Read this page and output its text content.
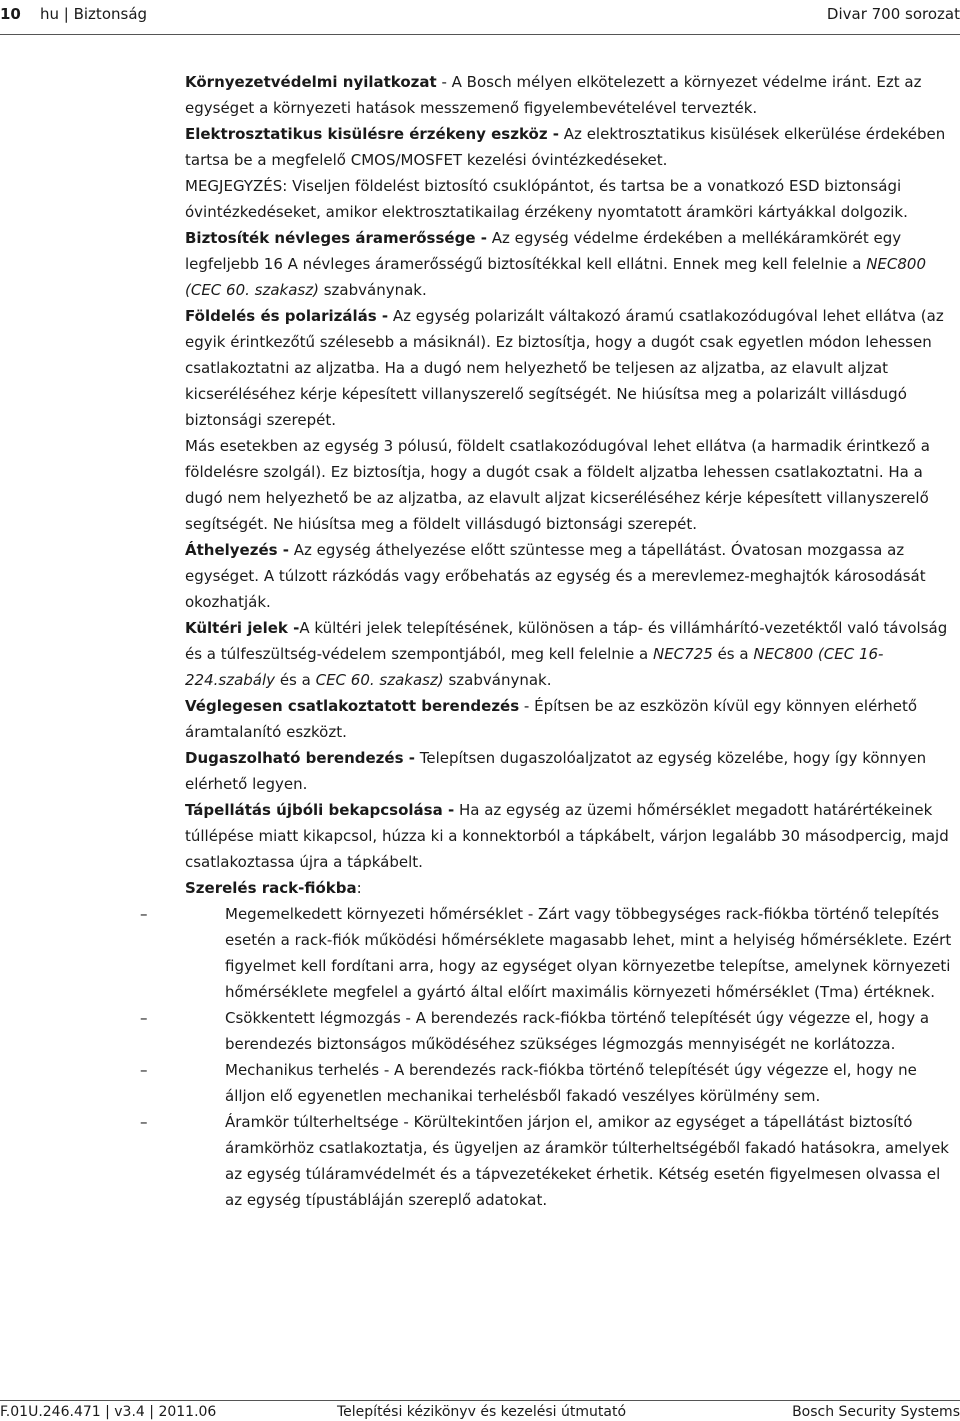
10 hu | Biztonság	Divar 700 sorozat

Környezetvédelmi nyilatkozat - A Bosch mélyen elkötelezett a környezet védelme iránt. Ezt az egységet a környezeti hatások messzemenő figyelembevételével tervezték.

Elektrosztatikus kisülésre érzékeny eszköz - Az elektrosztatikus kisülések elkerülése érdekében tartsa be a megfelelő CMOS/MOSFET kezelési óvintézkedéseket.

MEGJEGYZÉS: Viseljen földelést biztosító csuklópántot, és tartsa be a vonatkozó ESD biztonsági óvintézkedéseket, amikor elektrosztatikailag érzékeny nyomtatott áramköri kártyákkal dolgozik.

Biztosíték névleges áramerőssége - Az egység védelme érdekében a mellékáramkörét egy legfeljebb 16 A névleges áramerősségű biztosítékkal kell ellátni. Ennek meg kell felelnie a NEC800 (CEC 60. szakasz) szabványnak.

Földelés és polarizálás - Az egység polarizált váltakozó áramú csatlakozódugóval lehet ellátva (az egyik érintkezőtű szélesebb a másiknál). Ez biztosítja, hogy a dugót csak egyetlen módon lehessen csatlakoztatni az aljzatba. Ha a dugó nem helyezhető be teljesen az aljzatba, az elavult aljzat kicseréléséhez kérje képesített villanyszerelő segítségét. Ne hiúsítsa meg a polarizált villásdugó biztonsági szerepét.

Más esetekben az egység 3 pólusú, földelt csatlakozódugóval lehet ellátva (a harmadik érintkező a földelésre szolgál). Ez biztosítja, hogy a dugót csak a földelt aljzatba lehessen csatlakoztatni. Ha a dugó nem helyezhető be az aljzatba, az elavult aljzat kicseréléséhez kérje képesített villanyszerelő segítségét. Ne hiúsítsa meg a földelt villásdugó biztonsági szerepét.

Áthelyezés - Az egység áthelyezése előtt szüntesse meg a tápellátást. Óvatosan mozgassa az egységet. A túlzott rázkódás vagy erőbehatás az egység és a merevlemez-meghajtók károsodását okozhatják.

Kültéri jelek -A kültéri jelek telepítésének, különösen a táp- és villámhárító-vezetéktől való távolság és a túlfeszültség-védelem szempontjából, meg kell felelnie a NEC725 és a NEC800 (CEC 16-224.szabály és a CEC 60. szakasz) szabványnak.

Véglegesen csatlakoztatott berendezés - Építsen be az eszközön kívül egy könnyen elérhető áramtalanító eszközt.

Dugaszolható berendezés - Telepítsen dugaszolóaljzatot az egység közelébe, hogy így könnyen elérhető legyen.

Tápellátás újbóli bekapcsolása - Ha az egység az üzemi hőmérséklet megadott határértékeinek túllépése miatt kikapcsol, húzza ki a konnektorból a tápkábelt, várjon legalább 30 másodpercig, majd csatlakoztassa újra a tápkábelt.

Szerelés rack-fiókba:

–	Megemelkedett környezeti hőmérséklet - Zárt vagy többegységes rack-fiókba történő telepítés esetén a rack-fiók működési hőmérséklete magasabb lehet, mint a helyiség hőmérséklete. Ezért figyelmet kell fordítani arra, hogy az egységet olyan környezetbe telepítse, amelynek környezeti hőmérséklete megfelel a gyártó által előírt maximális környezeti hőmérséklet (Tma) értéknek.
–	Csökkentett légmozgás - A berendezés rack-fiókba történő telepítését úgy végezze el, hogy a berendezés biztonságos működéséhez szükséges légmozgás mennyiségét ne korlátozza.
–	Mechanikus terhelés - A berendezés rack-fiókba történő telepítését úgy végezze el, hogy ne álljon elő egyenetlen mechanikai terhelésből fakadó veszélyes körülmény sem.
–	Áramkör túlterheltsége - Körültekintően járjon el, amikor az egységet a tápellátást biztosító áramkörhöz csatlakoztatja, és ügyeljen az áramkör túlterheltségéből fakadó hatásokra, amelyek az egység túláramvédelmét és a tápvezetékeket érhetik. Kétség esetén figyelmesen olvassa el az egység típustábláján szereplő adatokat.
F.01U.246.471 | v3.4 | 2011.06	Telepítési kézikönyv és kezelési útmutató	Bosch Security Systems
